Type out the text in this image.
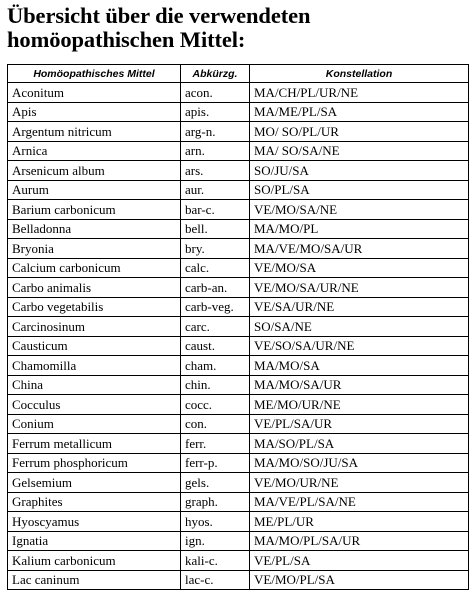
Übersicht über die verwendeten
homöopathischen Mittel:
Homöopathisches Mittel	Abkürzg.	Konstellation
Aconitum	acon.	MA/CH/PL/UR/NE
Apis	apis.	MA/ME/PL/SA
Argentum nitricum	arg-n.	MO/ SO/PL/UR
Arnica	arn.	MA/ SO/SA/NE
Arsenicum album	ars.	SO/JU/SA
Aurum	aur.	SO/PL/SA
Barium carbonicum	bar-c.	VE/MO/SA/NE
Belladonna	bell.	MA/MO/PL
Bryonia	bry.	MA/VE/MO/SA/UR
Calcium carbonicum	calc.	VE/MO/SA
Carbo animalis	carb-an.	VE/MO/SA/UR/NE
Carbo vegetabilis	carb-veg.	VE/SA/UR/NE
Carcinosinum	carc.	SO/SA/NE
Causticum	caust.	VE/SO/SA/UR/NE
Chamomilla	cham.	MA/MO/SA
China	chin.	MA/MO/SA/UR
Cocculus	cocc.	ME/MO/UR/NE
Conium	con.	VE/PL/SA/UR
Ferrum metallicum	ferr.	MA/SO/PL/SA
Ferrum phosphoricum	ferr-p.	MA/MO/SO/JU/SA
Gelsemium	gels.	VE/MO/UR/NE
Graphites	graph.	MA/VE/PL/SA/NE
Hyoscyamus	hyos.	ME/PL/UR
Ignatia	ign.	MA/MO/PL/SA/UR
Kalium carbonicum	kali-c.	VE/PL/SA
Lac caninum	lac-c.	VE/MO/PL/SA
